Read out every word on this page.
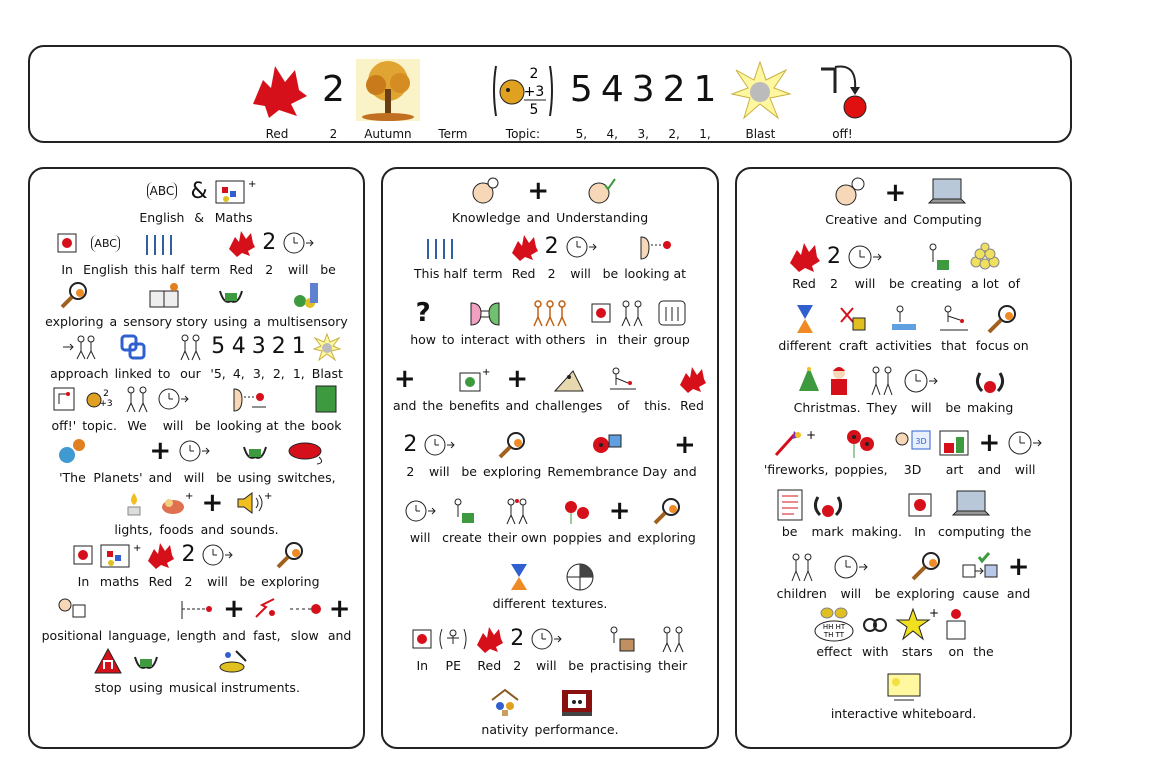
Red
2
2 Autumn Term
2
+3
5
Topic:
5
5,
4
4,
3
3,
2
2,
1
1,	Blast	off!
ABC
English
&
&
+
Maths
In
ABC
English this half term Red
2
2 will be
exploring a sensory story using a multisensory
approach linked to our
5
'5,
4
4,
3
3,
2
2,
1
1, Blast
off!'
2
+3
topic. We will be looking at the book
'The Planets'
+
and will be using switches,
lights,
+
foods
+
and
+
sounds.
In
+
maths Red
2
2 will be exploring
positional language, length
+
and fast, slow
+
and
stop using musical instruments.
Knowledge
+
and Understanding
This half term Red
2
2 will be looking at
?
how to interact with others in their group
+
and the
+
benefits
+
and challenges of this. Red
2
2 will be exploring Remembrance Day
+
and
will create their own poppies
+
and exploring
different textures.
In PE Red
2
2 will be practising their
nativity performance.
Creative
+
and Computing
Red
2
2 will be creating a lot of
different craft activities that focus on
Christmas. They will be making
+
'fireworks, poppies,
3D
3D art
+
and will
be mark making. In computing the
children will be exploring cause
+
and
HH HT
TH TT
effect with
+
stars on the
interactive whiteboard.
